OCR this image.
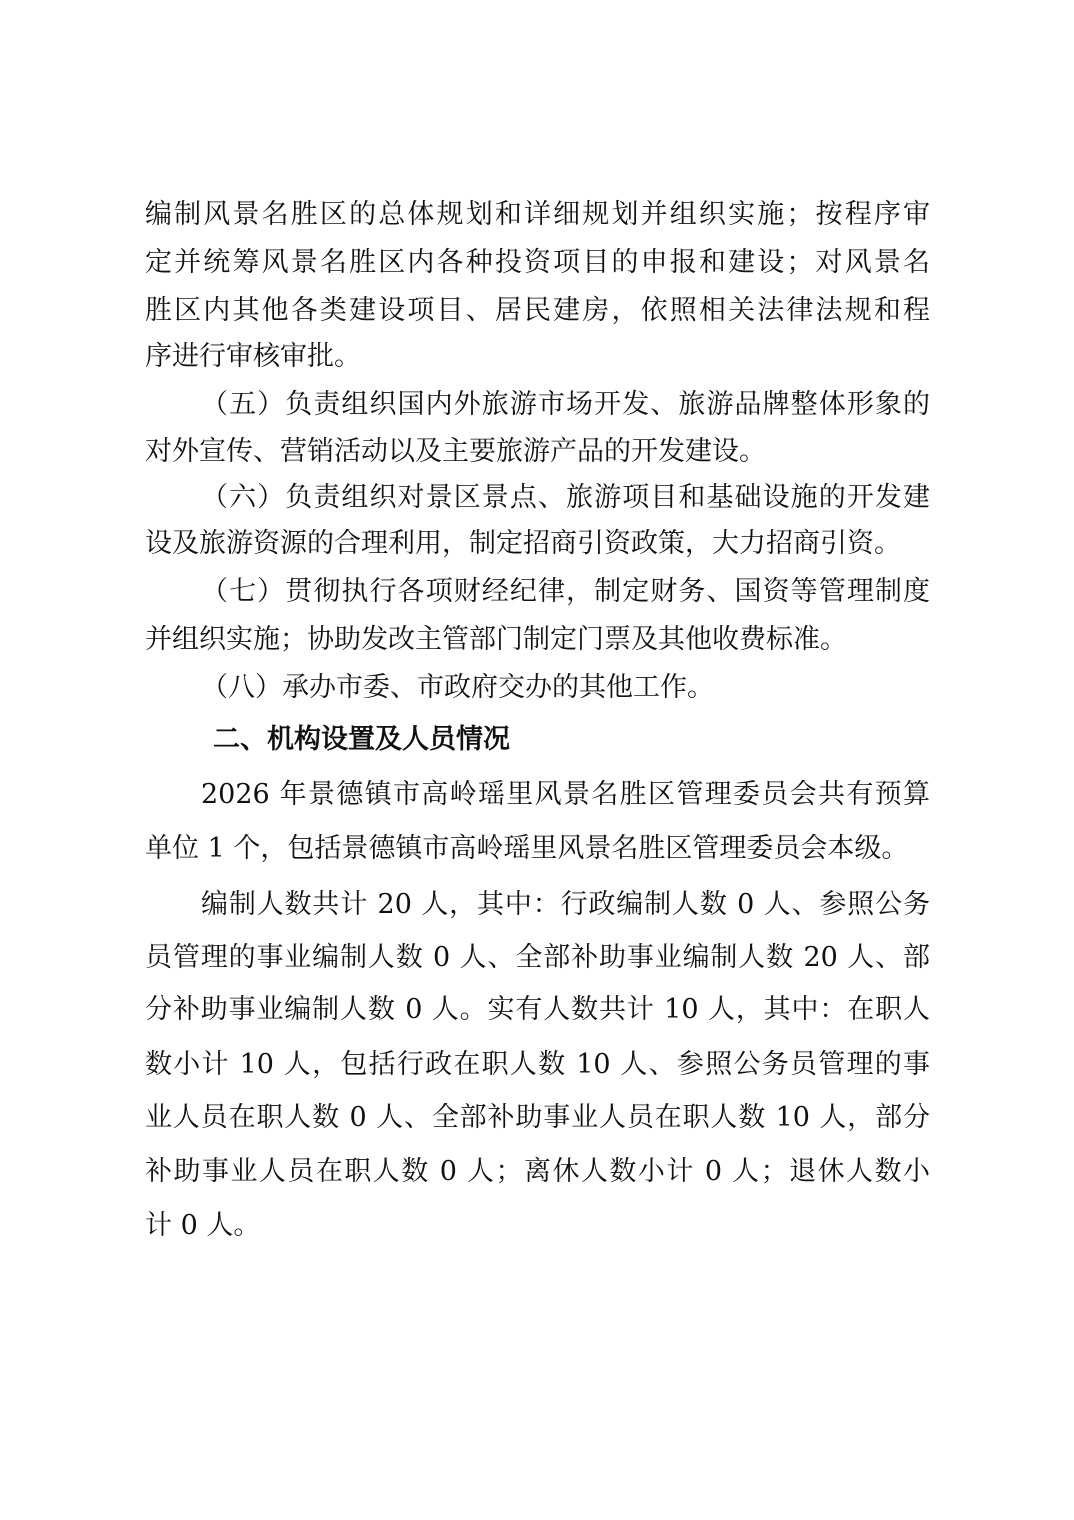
编制风景名胜区的总体规划和详细规划并组织实施；按程序审
定并统筹风景名胜区内各种投资项目的申报和建设；对风景名
胜区内其他各类建设项目、居民建房，依照相关法律法规和程
序进行审核审批。
（五）负责组织国内外旅游市场开发、旅游品牌整体形象的
对外宣传、营销活动以及主要旅游产品的开发建设。
（六）负责组织对景区景点、旅游项目和基础设施的开发建
设及旅游资源的合理利用，制定招商引资政策，大力招商引资。
（七）贯彻执行各项财经纪律，制定财务、国资等管理制度
并组织实施；协助发改主管部门制定门票及其他收费标准。
（八）承办市委、市政府交办的其他工作。
二、机构设置及人员情况
2026 年景德镇市高岭瑶里风景名胜区管理委员会共有预算
单位 1 个，包括景德镇市高岭瑶里风景名胜区管理委员会本级。
编制人数共计 20 人，其中：行政编制人数 0 人、参照公务
员管理的事业编制人数 0 人、全部补助事业编制人数 20 人、部
分补助事业编制人数 0 人。实有人数共计 10 人，其中：在职人
数小计 10 人，包括行政在职人数 10 人、参照公务员管理的事
业人员在职人数 0 人、全部补助事业人员在职人数 10 人，部分
补助事业人员在职人数 0 人；离休人数小计 0 人；退休人数小
计 0 人。
